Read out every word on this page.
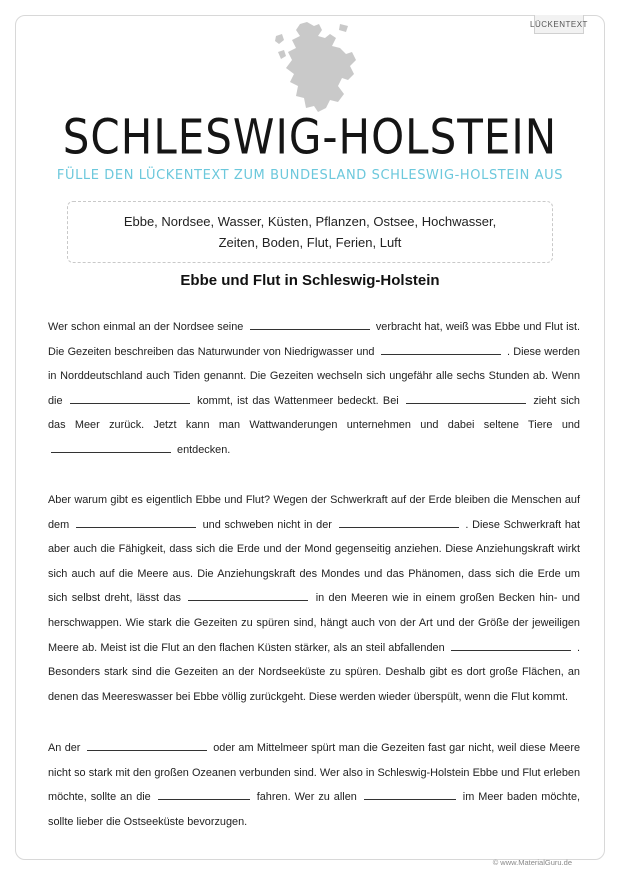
LÜCKENTEXT
SCHLESWIG-HOLSTEIN
FÜLLE DEN LÜCKENTEXT ZUM BUNDESLAND SCHLESWIG-HOLSTEIN AUS
Ebbe, Nordsee, Wasser, Küsten, Pflanzen, Ostsee, Hochwasser,
Zeiten, Boden, Flut, Ferien, Luft
Ebbe und Flut in Schleswig-Holstein
Wer schon einmal an der Nordsee seine	verbracht hat, weiß was Ebbe und Flut ist. Die Gezeiten beschreiben das Naturwunder von Niedrigwasser und	. Diese werden in Norddeutschland auch Tiden genannt. Die Gezeiten wechseln sich ungefähr alle sechs Stunden ab. Wenn die	kommt, ist das Wattenmeer bedeckt. Bei	zieht sich das Meer zurück. Jetzt kann man Wattwanderungen unternehmen und dabei seltene Tiere und  entdecken.
Aber warum gibt es eigentlich Ebbe und Flut? Wegen der Schwerkraft auf der Erde bleiben die Menschen auf dem	und schweben nicht in der	. Diese Schwerkraft hat aber auch die Fähigkeit, dass sich die Erde und der Mond gegenseitig anziehen. Diese Anziehungskraft wirkt sich auch auf die Meere aus. Die Anziehungskraft des Mondes und das Phänomen, dass sich die Erde um sich selbst dreht, lässt das	in den Meeren wie in einem großen Becken hin- und herschwappen. Wie stark die Gezeiten zu spüren sind, hängt auch von der Art und der Größe der jeweiligen Meere ab. Meist ist die Flut an den flachen Küsten stärker, als an steil abfallenden	. Besonders stark sind die Gezeiten an der Nordseeküste zu spüren. Deshalb gibt es dort große Flächen, an denen das Meereswasser bei Ebbe völlig zurückgeht. Diese werden wieder überspült, wenn die Flut kommt.
An der	oder am Mittelmeer spürt man die Gezeiten fast gar nicht, weil diese Meere nicht so stark mit den großen Ozeanen verbunden sind. Wer also in Schleswig-Holstein Ebbe und Flut erleben möchte, sollte an die	fahren. Wer zu allen	im Meer baden möchte, sollte lieber die Ostseeküste bevorzugen.
© www.MaterialGuru.de
